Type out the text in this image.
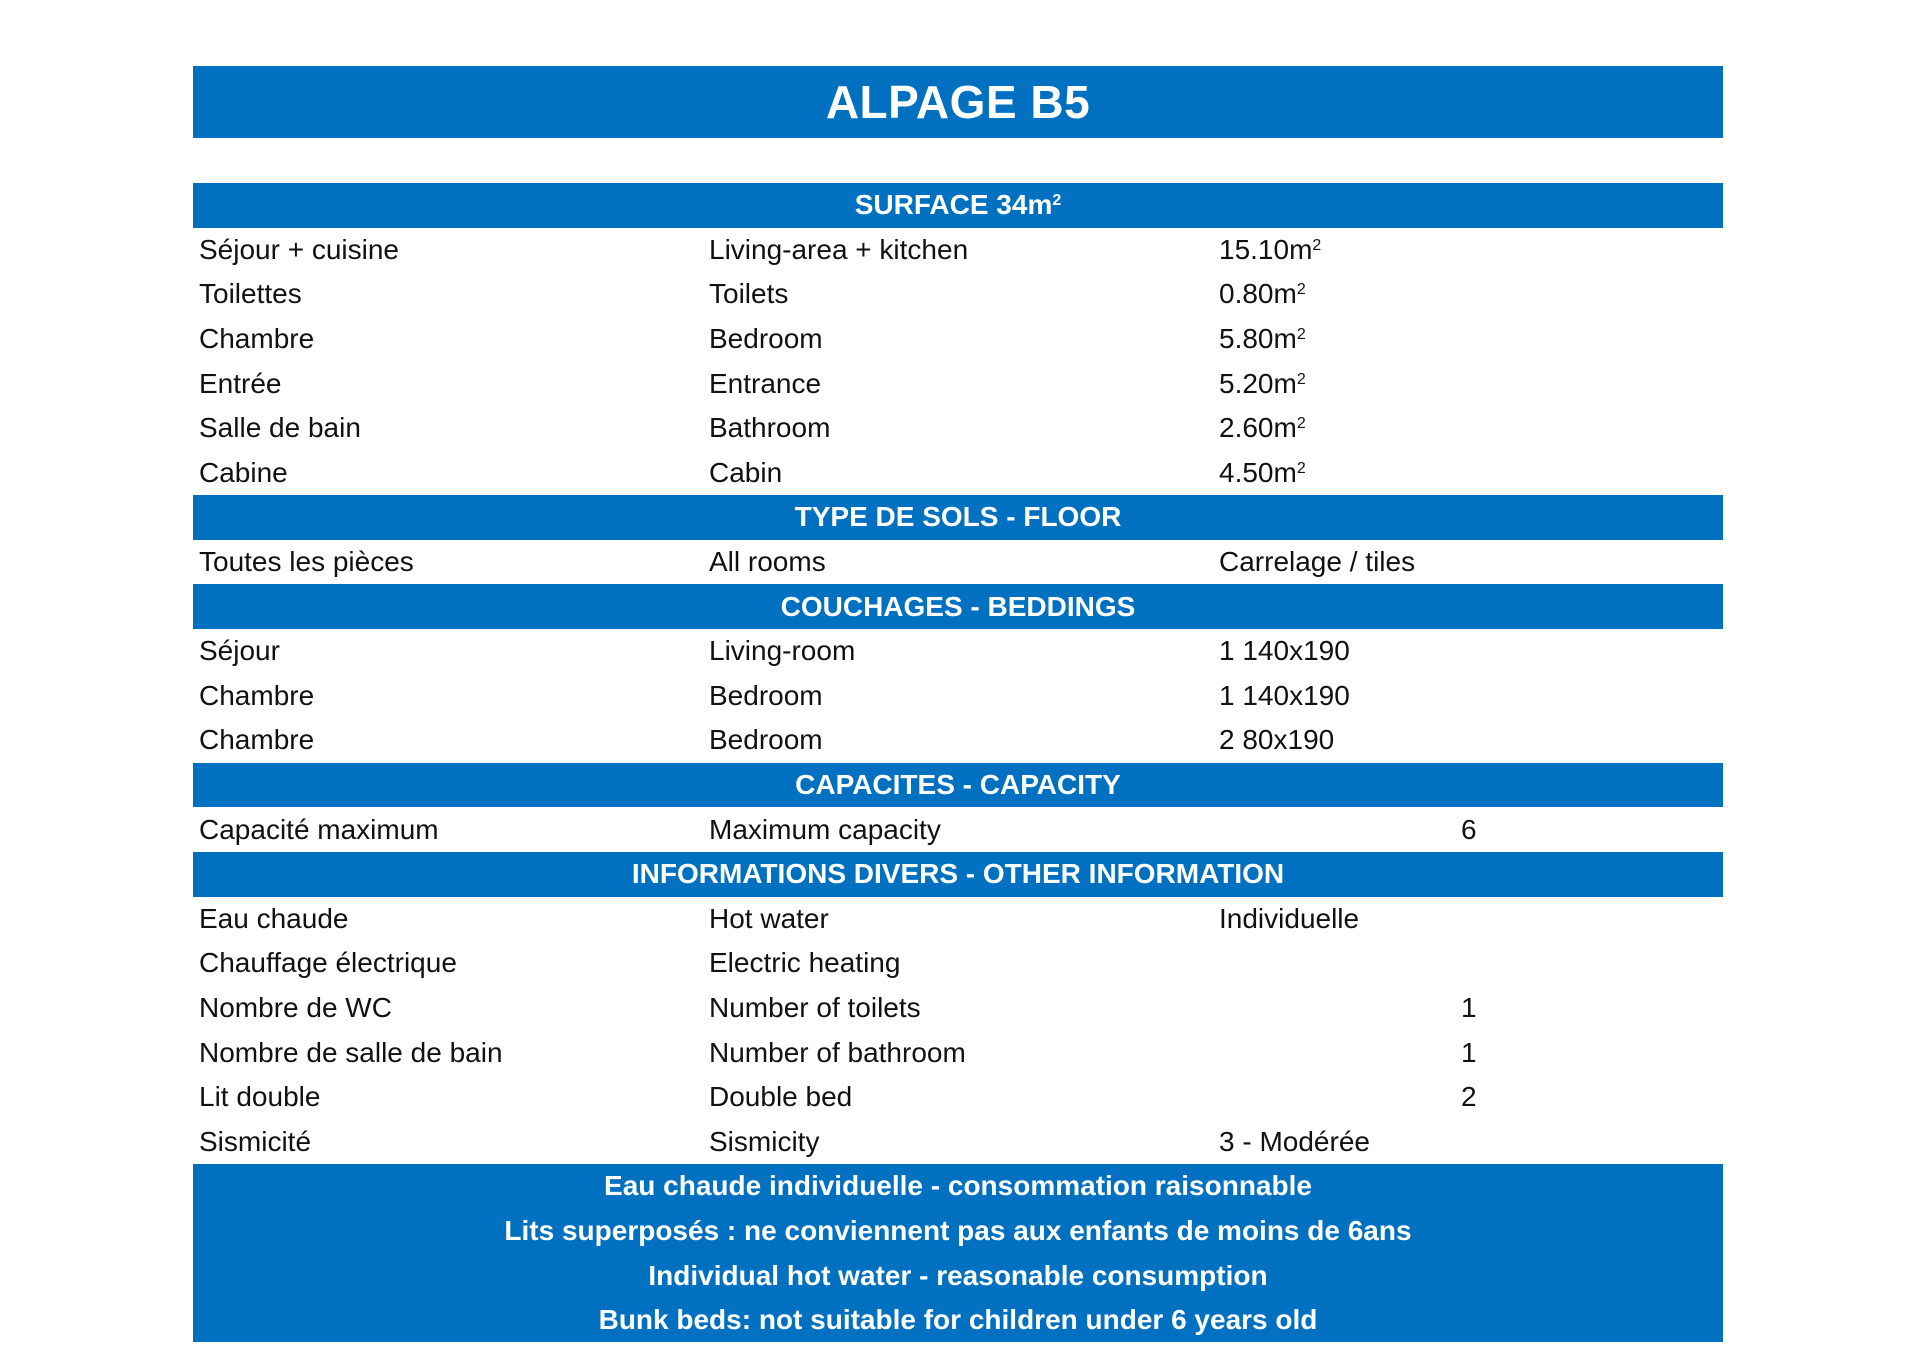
ALPAGE B5
SURFACE $34m^2$
Séjour + cuisine	Living-area + kitchen	$15.10m^2$
Toilettes	Toilets	$0.80m^2$
Chambre	Bedroom	$5.80m^2$
Entrée	Entrance	$5.20m^2$
Salle de bain	Bathroom	$2.60m^2$
Cabine	Cabin	$4.50m^2$
TYPE DE SOLS - FLOOR
Toutes les pièces	All rooms	Carrelage / tiles
COUCHAGES - BEDDINGS
Séjour	Living-room	1 140x190
Chambre	Bedroom	1 140x190
Chambre	Bedroom	2 80x190
CAPACITES - CAPACITY
Capacité maximum	Maximum capacity	6
INFORMATIONS DIVERS - OTHER INFORMATION
Eau chaude	Hot water	Individuelle
Chauffage électrique	Electric heating
Nombre de WC	Number of toilets	1
Nombre de salle de bain	Number of bathroom	1
Lit double	Double bed	2
Sismicité	Sismicity	3 - Modérée
Eau chaude individuelle - consommation raisonnable
Lits superposés : ne conviennent pas aux enfants de moins de 6ans
Individual hot water - reasonable consumption
Bunk beds: not suitable for children under 6 years old
